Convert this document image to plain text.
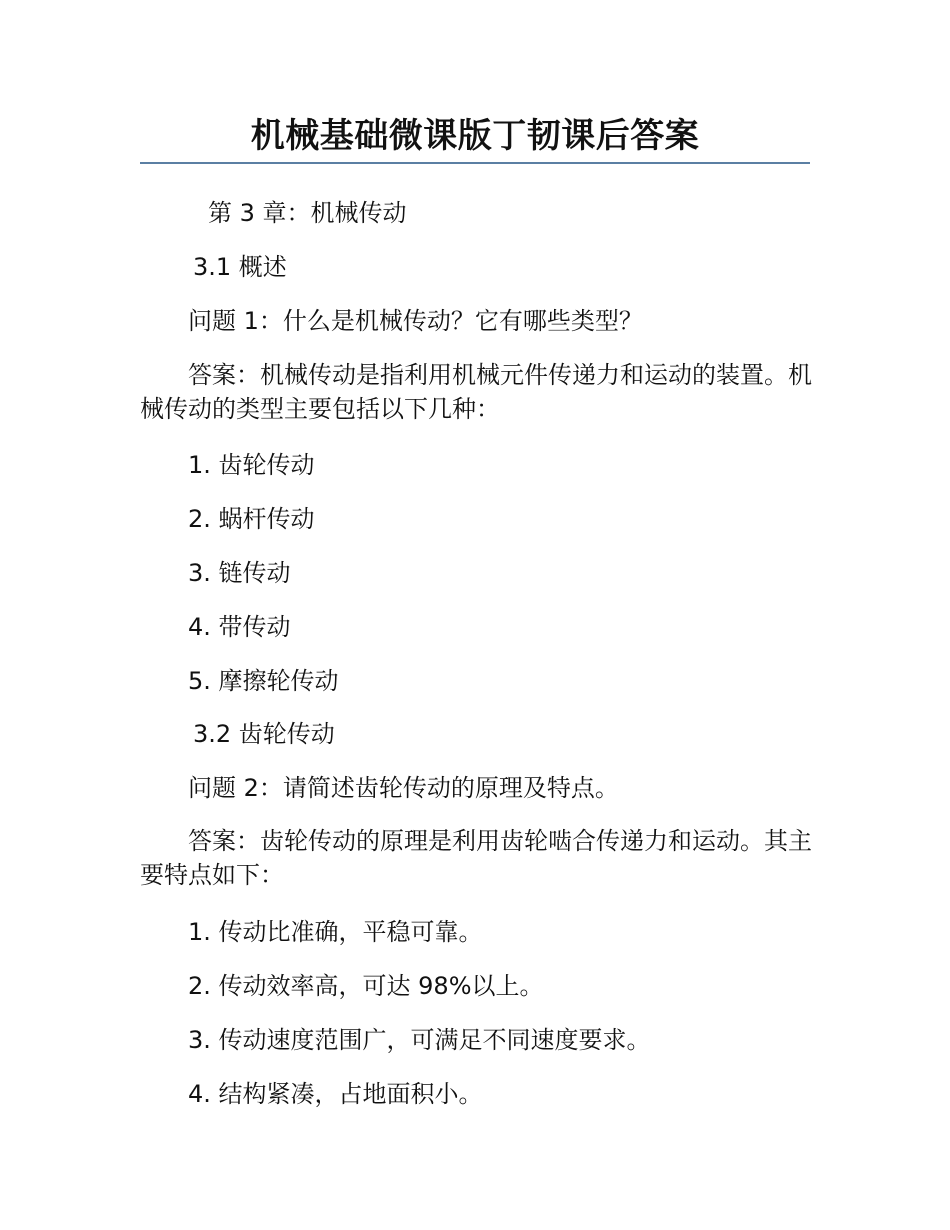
机械基础微课版丁韧课后答案
第 3 章：机械传动
3.1 概述
问题 1：什么是机械传动？它有哪些类型？
答案：机械传动是指利用机械元件传递力和运动的装置。机械传动的类型主要包括以下几种：
1. 齿轮传动
2. 蜗杆传动
3. 链传动
4. 带传动
5. 摩擦轮传动
3.2 齿轮传动
问题 2：请简述齿轮传动的原理及特点。
答案：齿轮传动的原理是利用齿轮啮合传递力和运动。其主要特点如下：
1. 传动比准确，平稳可靠。
2. 传动效率高，可达 98%以上。
3. 传动速度范围广，可满足不同速度要求。
4. 结构紧凑，占地面积小。
